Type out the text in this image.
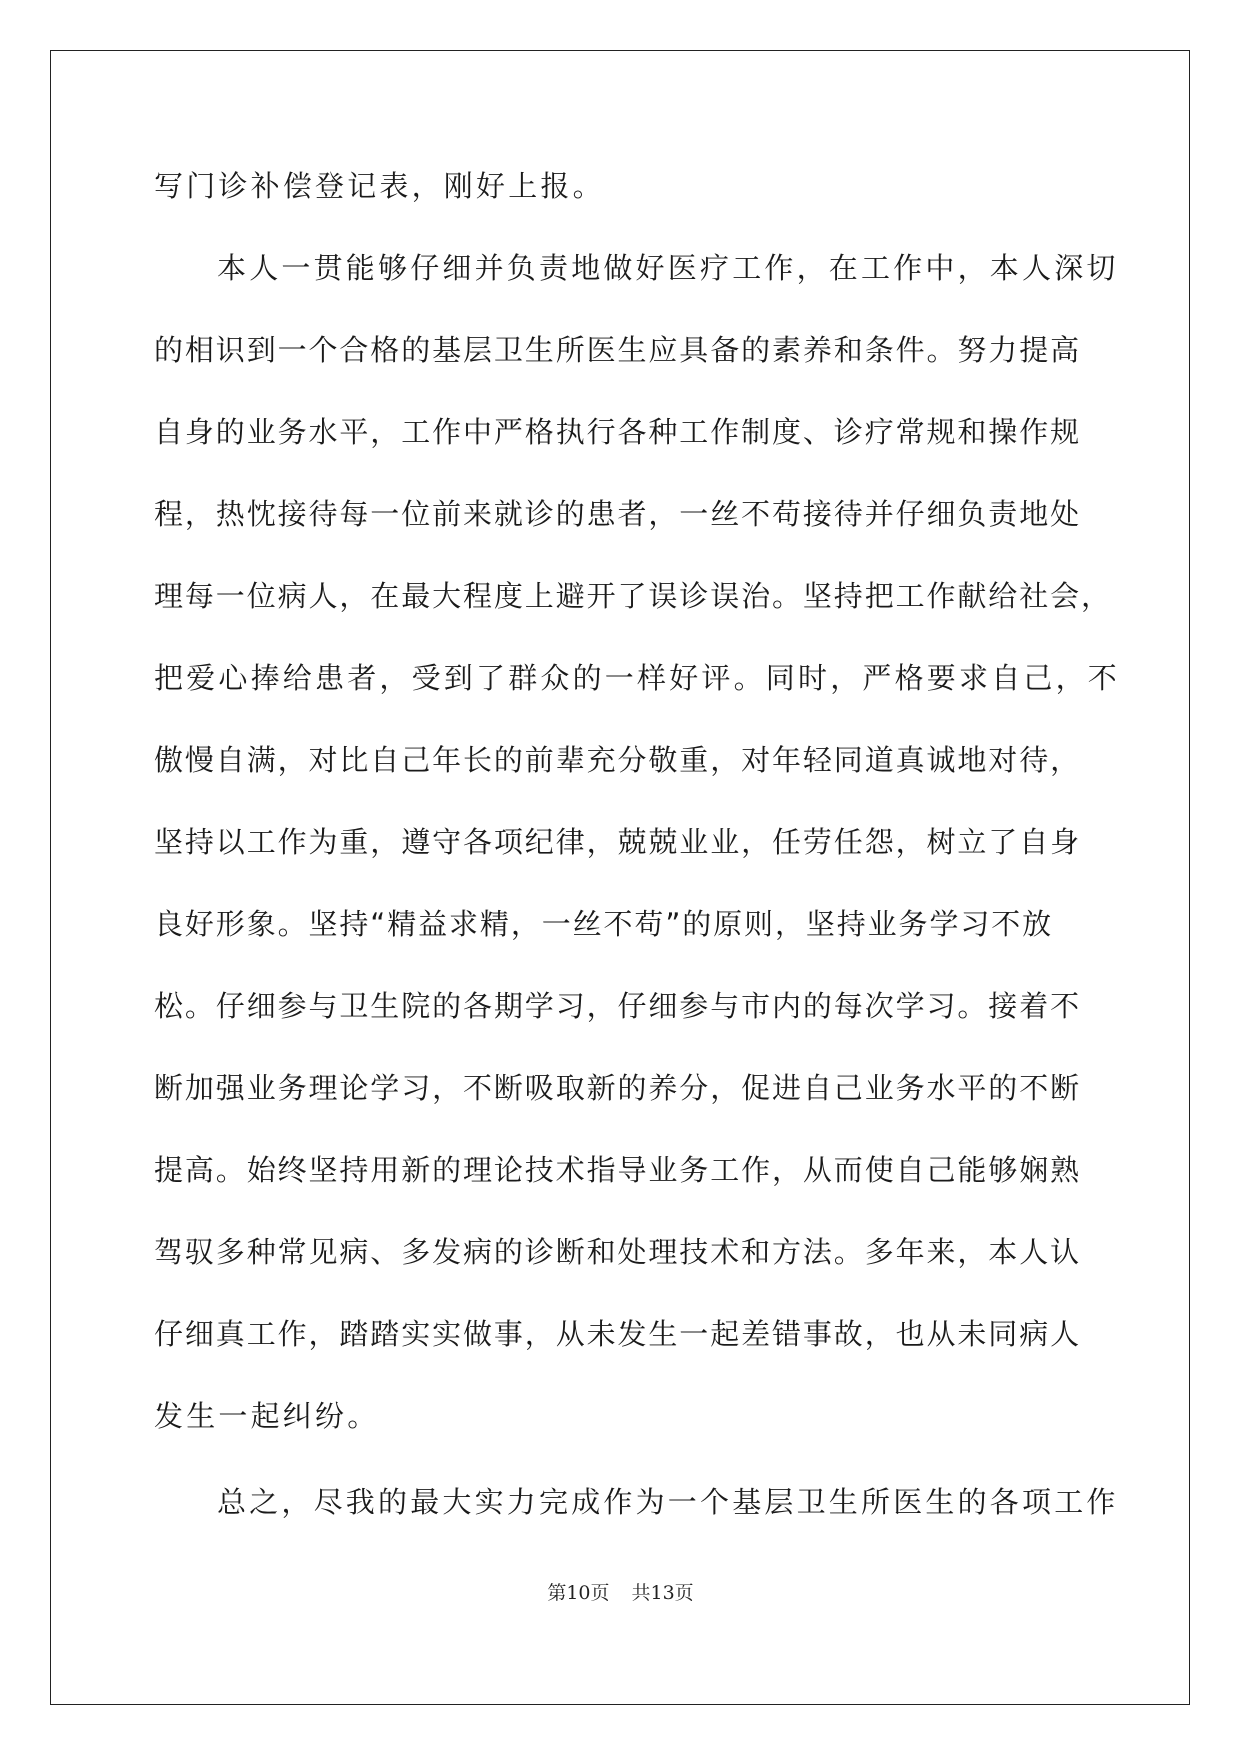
写门诊补偿登记表，刚好上报。
本人一贯能够仔细并负责地做好医疗工作，在工作中，本人深切
的相识到一个合格的基层卫生所医生应具备的素养和条件。努力提高
自身的业务水平，工作中严格执行各种工作制度、诊疗常规和操作规
程，热忱接待每一位前来就诊的患者，一丝不苟接待并仔细负责地处
理每一位病人，在最大程度上避开了误诊误治。坚持把工作献给社会，
把爱心捧给患者，受到了群众的一样好评。同时，严格要求自己，不
傲慢自满，对比自己年长的前辈充分敬重，对年轻同道真诚地对待，
坚持以工作为重，遵守各项纪律，兢兢业业，任劳任怨，树立了自身
良好形象。坚持“精益求精，一丝不苟”的原则，坚持业务学习不放
松。仔细参与卫生院的各期学习，仔细参与市内的每次学习。接着不
断加强业务理论学习，不断吸取新的养分，促进自己业务水平的不断
提高。始终坚持用新的理论技术指导业务工作，从而使自己能够娴熟
驾驭多种常见病、多发病的诊断和处理技术和方法。多年来，本人认
仔细真工作，踏踏实实做事，从未发生一起差错事故，也从未同病人
发生一起纠纷。
总之，尽我的最大实力完成作为一个基层卫生所医生的各项工作
第10页 共13页
